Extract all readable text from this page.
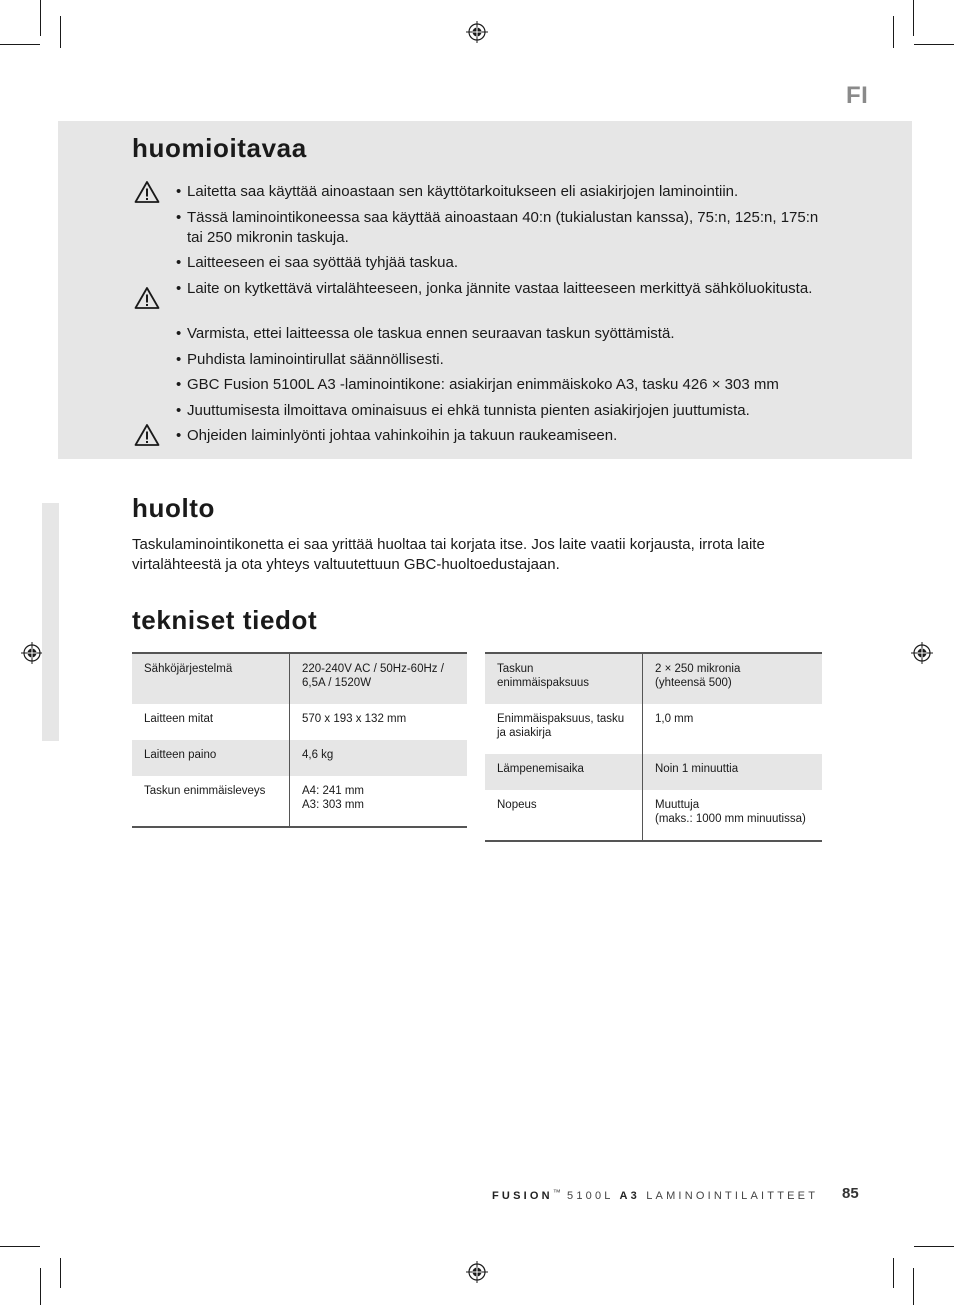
FI
huomioitavaa
• Laitetta saa käyttää ainoastaan sen käyttötarkoitukseen eli asiakirjojen laminointiin.
• Tässä laminointikoneessa saa käyttää ainoastaan 40:n (tukialustan kanssa), 75:n, 125:n, 175:n tai 250 mikronin taskuja.
• Laitteeseen ei saa syöttää tyhjää taskua.
• Laite on kytkettävä virtalähteeseen, jonka jännite vastaa laitteeseen merkittyä sähköluokitusta.
• Varmista, ettei laitteessa ole taskua ennen seuraavan taskun syöttämistä.
• Puhdista laminointirullat säännöllisesti.
• GBC Fusion 5100L A3 -laminointikone: asiakirjan enimmäiskoko A3, tasku 426 × 303 mm
• Juuttumisesta ilmoittava ominaisuus ei ehkä tunnista pienten asiakirjojen juuttumista.
• Ohjeiden laiminlyönti johtaa vahinkoihin ja takuun raukeamiseen.
huolto
Taskulaminointikonetta ei saa yrittää huoltaa tai korjata itse. Jos laite vaatii korjausta, irrota laite virtalähteestä ja ota yhteys valtuutettuun GBC-huoltoedustajaan.
tekniset tiedot
Sähköjärjestelmä	220-240V AC / 50Hz-60Hz / 6,5A / 1520W
Laitteen mitat	570 x 193 x 132 mm
Laitteen paino	4,6 kg
Taskun enimmäisleveys	A4: 241 mm
A3: 303 mm
Taskun
enimmäispaksuus	2 × 250 mikronia
(yhteensä 500)
Enimmäispaksuus, tasku
ja asiakirja	1,0 mm
Lämpenemisaika	Noin 1 minuuttia
Nopeus	Muuttuja
(maks.: 1000 mm minuutissa)
FUSION™ 5100L A3 LAMINOINTILAITTEET 85
